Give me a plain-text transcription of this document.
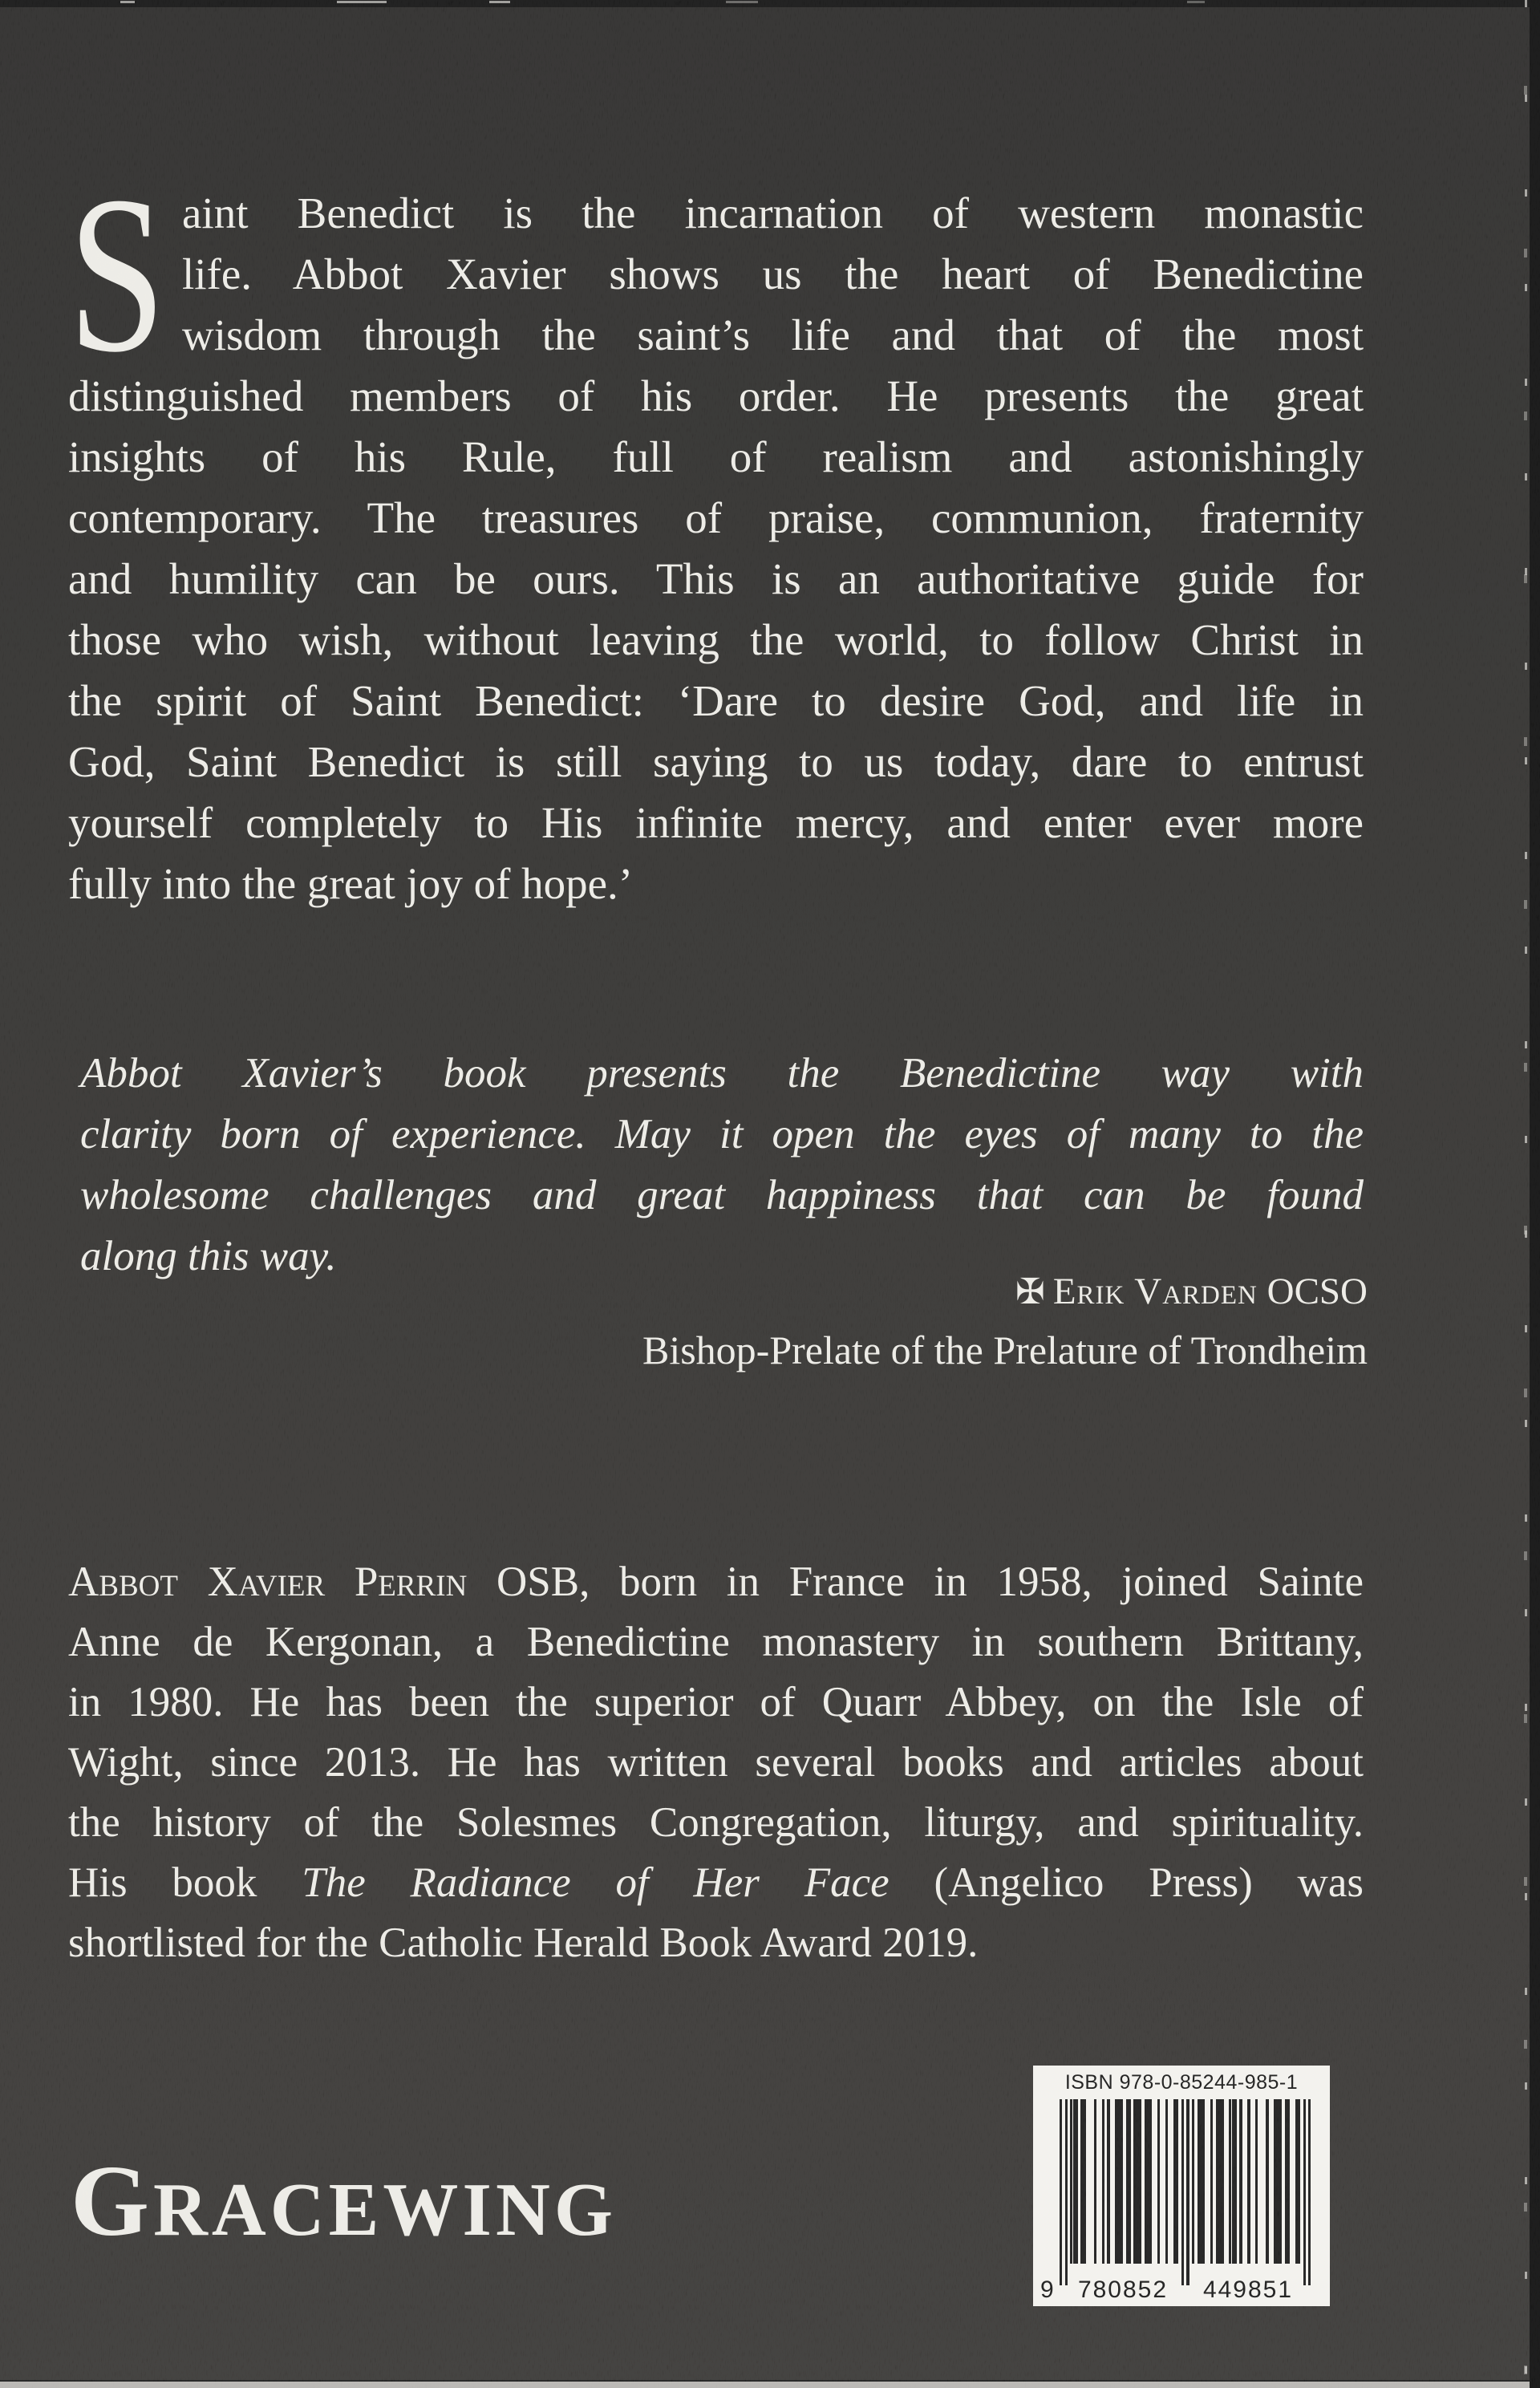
S aint Benedict is the incarnation of western monastic
life. Abbot Xavier shows us the heart of Benedictine
wisdom through the saint’s life and that of the most
distinguished members of his order. He presents the great
insights of his Rule, full of realism and astonishingly
contemporary. The treasures of praise, communion, fraternity
and humility can be ours. This is an authoritative guide for
those who wish, without leaving the world, to follow Christ in
the spirit of Saint Benedict: ‘Dare to desire God, and life in
God, Saint Benedict is still saying to us today, dare to entrust
yourself completely to His infinite mercy, and enter ever more
fully into the great joy of hope.’
Abbot Xavier’s book presents the Benedictine way with
clarity born of experience. May it open the eyes of many to the
wholesome challenges and great happiness that can be found
along this way.
✠ Erik Varden OCSO
Bishop-Prelate of the Prelature of Trondheim
Abbot Xavier Perrin OSB, born in France in 1958, joined Sainte
Anne de Kergonan, a Benedictine monastery in southern Brittany,
in 1980. He has been the superior of Quarr Abbey, on the Isle of
Wight, since 2013. He has written several books and articles about
the history of the Solesmes Congregation, liturgy, and spirituality.
His book The Radiance of Her Face (Angelico Press) was
shortlisted for the Catholic Herald Book Award 2019.
GRACEWING
ISBN 978-0-85244-985-1
9 780852 449851
